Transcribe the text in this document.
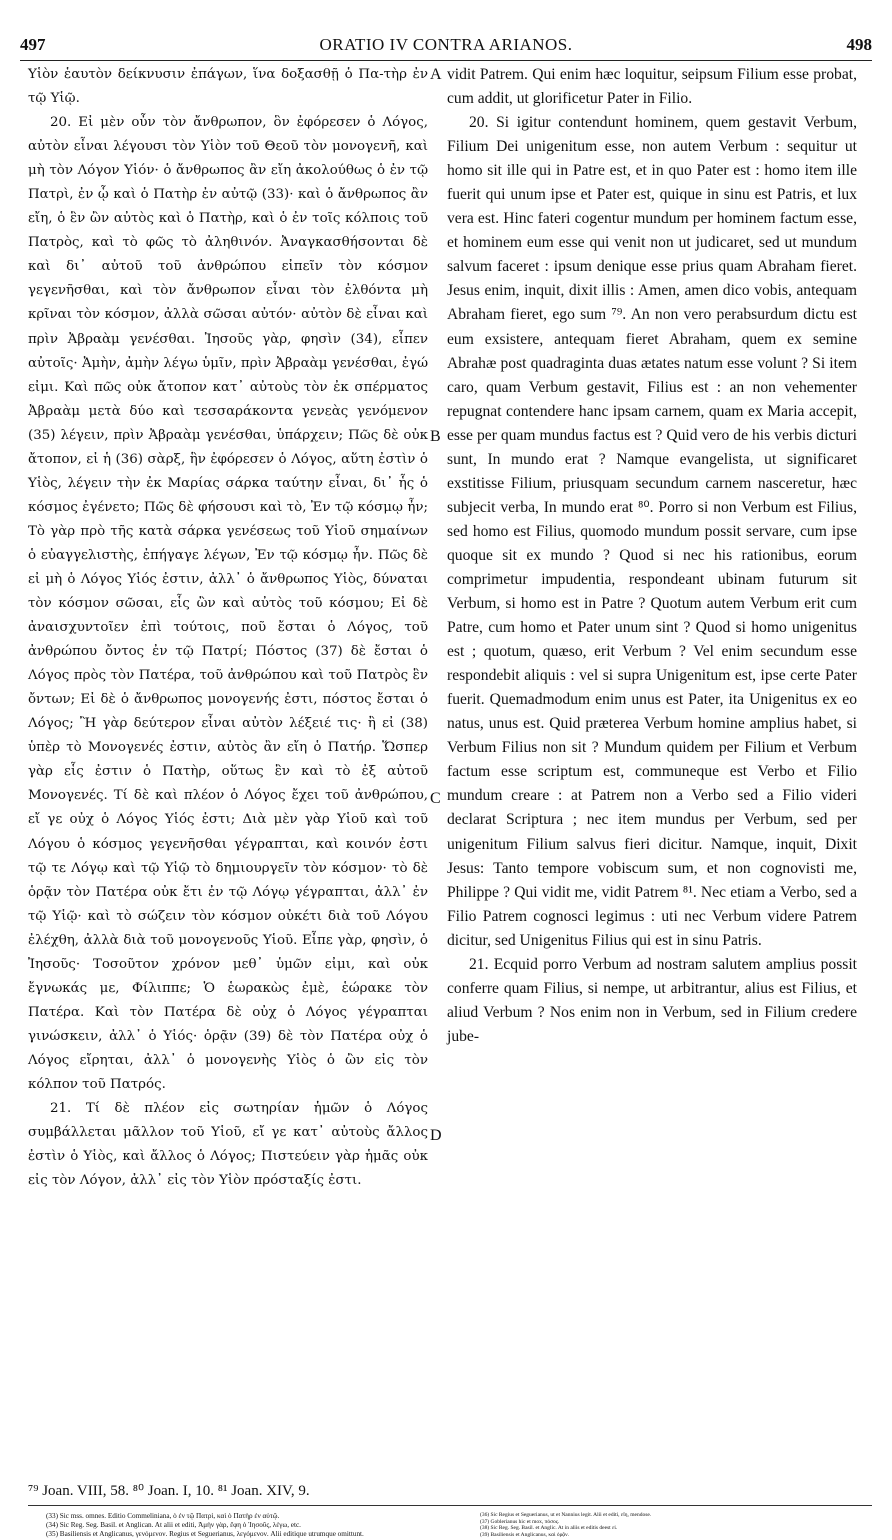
497	ORATIO IV CONTRA ARIANOS.	498

Υἱὸν ἑαυτὸν δείκνυσιν ἐπάγων, ἵνα δοξασθῇ ὁ Πα-τὴρ ἐν τῷ Υἱῷ.

20. Εἰ μὲν οὖν τὸν ἄνθρωπον, ὃν ἐφόρεσεν ὁ Λόγος, αὐτὸν εἶναι λέγουσι τὸν Υἱὸν τοῦ Θεοῦ τὸν μονογενῆ, καὶ μὴ τὸν Λόγον Υἱόν· ὁ ἄνθρωπος ἂν εἴη ἀκολούθως ὁ ἐν τῷ Πατρὶ, ἐν ᾧ καὶ ὁ Πατὴρ ἐν αὐτῷ (33)· καὶ ὁ ἄνθρωπος ἂν εἴη, ὁ ἓν ὢν αὐτὸς καὶ ὁ Πατὴρ, καὶ ὁ ἐν τοῖς κόλποις τοῦ Πατρὸς, καὶ τὸ φῶς τὸ ἀληθινόν. Ἀναγκασθήσονται δὲ καὶ δι᾿ αὐτοῦ τοῦ ἀνθρώπου εἰπεῖν τὸν κόσμον γεγενῆσθαι, καὶ τὸν ἄνθρωπον εἶναι τὸν ἐλθόντα μὴ κρῖναι τὸν κόσμον, ἀλλὰ σῶσαι αὐτόν· αὐτὸν δὲ εἶναι καὶ πρὶν Ἀβραὰμ γενέσθαι. Ἰησοῦς γὰρ, φησὶν (34), εἶπεν αὐτοῖς· Ἀμὴν, ἀμὴν λέγω ὑμῖν, πρὶν Ἀβραὰμ γενέσθαι, ἐγώ εἰμι. Καὶ πῶς οὐκ ἄτοπον κατ᾿ αὐτοὺς τὸν ἐκ σπέρματος Ἀβραὰμ μετὰ δύο καὶ τεσσαράκοντα γενεὰς γενόμενον (35) λέγειν, πρὶν Ἀβραὰμ γενέσθαι, ὑπάρχειν; Πῶς δὲ οὐκ ἄτοπον, εἰ ἡ (36) σὰρξ, ἣν ἐφόρεσεν ὁ Λόγος, αὕτη ἐστὶν ὁ Υἱὸς, λέγειν τὴν ἐκ Μαρίας σάρκα ταύτην εἶναι, δι᾿ ἧς ὁ κόσμος ἐγένετο; Πῶς δὲ φήσουσι καὶ τὸ, Ἐν τῷ κόσμῳ ἦν; Τὸ γὰρ πρὸ τῆς κατὰ σάρκα γενέσεως τοῦ Υἱοῦ σημαίνων ὁ εὐαγγελιστὴς, ἐπήγαγε λέγων, Ἐν τῷ κόσμῳ ἦν. Πῶς δὲ εἰ μὴ ὁ Λόγος Υἱός ἐστιν, ἀλλ᾿ ὁ ἄνθρωπος Υἱὸς, δύναται τὸν κόσμον σῶσαι, εἷς ὢν καὶ αὐτὸς τοῦ κόσμου; Εἰ δὲ ἀναισχυντοῖεν ἐπὶ τούτοις, ποῦ ἔσται ὁ Λόγος, τοῦ ἀνθρώπου ὄντος ἐν τῷ Πατρί; Πόστος (37) δὲ ἔσται ὁ Λόγος πρὸς τὸν Πατέρα, τοῦ ἀνθρώπου καὶ τοῦ Πατρὸς ἓν ὄντων; Εἰ δὲ ὁ ἄνθρωπος μονογενής ἐστι, πόστος ἔσται ὁ Λόγος; Ἢ γὰρ δεύτερον εἶναι αὐτὸν λέξειέ τις· ἢ εἰ (38) ὑπὲρ τὸ Μονογενές ἐστιν, αὐτὸς ἂν εἴη ὁ Πατήρ. Ὥσπερ γὰρ εἷς ἐστιν ὁ Πατὴρ, οὕτως ἓν καὶ τὸ ἐξ αὐτοῦ Μονογενές. Τί δὲ καὶ πλέον ὁ Λόγος ἔχει τοῦ ἀνθρώπου, εἴ γε οὐχ ὁ Λόγος Υἱός ἐστι; Διὰ μὲν γὰρ Υἱοῦ καὶ τοῦ Λόγου ὁ κόσμος γεγενῆσθαι γέγραπται, καὶ κοινόν ἐστι τῷ τε Λόγῳ καὶ τῷ Υἱῷ τὸ δημιουργεῖν τὸν κόσμον· τὸ δὲ ὁρᾷν τὸν Πατέρα οὐκ ἔτι ἐν τῷ Λόγῳ γέγραπται, ἀλλ᾿ ἐν τῷ Υἱῷ· καὶ τὸ σώζειν τὸν κόσμον οὐκέτι διὰ τοῦ Λόγου ἐλέχθη, ἀλλὰ διὰ τοῦ μονογενοῦς Υἱοῦ. Εἶπε γὰρ, φησὶν, ὁ Ἰησοῦς· Τοσοῦτον χρόνον μεθ᾿ ὑμῶν εἰμι, καὶ οὐκ ἔγνωκάς με, Φίλιππε; Ὁ ἑωρακὼς ἐμὲ, ἑώρακε τὸν Πατέρα. Καὶ τὸν Πατέρα δὲ οὐχ ὁ Λόγος γέγραπται γινώσκειν, ἀλλ᾿ ὁ Υἱός· ὁρᾷν (39) δὲ τὸν Πατέρα οὐχ ὁ Λόγος εἴρηται, ἀλλ᾿ ὁ μονογενὴς Υἱὸς ὁ ὢν εἰς τὸν κόλπον τοῦ Πατρός.

21. Τί δὲ πλέον εἰς σωτηρίαν ἡμῶν ὁ Λόγος συμβάλλεται μᾶλλον τοῦ Υἱοῦ, εἴ γε κατ᾿ αὐτοὺς ἄλλος ἐστὶν ὁ Υἱὸς, καὶ ἄλλος ὁ Λόγος; Πιστεύειν γὰρ ἡμᾶς οὐκ εἰς τὸν Λόγον, ἀλλ᾿ εἰς τὸν Υἱὸν πρόσταξίς ἐστι.

A
B
C
D

vidit Patrem. Qui enim hæc loquitur, seipsum Filium esse probat, cum addit, ut glorificetur Pater in Filio.

20. Si igitur contendunt hominem, quem gestavit Verbum, Filium Dei unigenitum esse, non autem Verbum : sequitur ut homo sit ille qui in Patre est, et in quo Pater est : homo item ille fuerit qui unum ipse et Pater est, quique in sinu est Patris, et lux vera est. Hinc fateri cogentur mundum per hominem factum esse, et hominem eum esse qui venit non ut judicaret, sed ut mundum salvum faceret : ipsum denique esse prius quam Abraham fieret. Jesus enim, inquit, dixit illis : Amen, amen dico vobis, antequam Abraham fieret, ego sum ⁷⁹. An non vero perabsurdum dictu est eum exsistere, antequam fieret Abraham, quem ex semine Abrahæ post quadraginta duas ætates natum esse volunt ? Si item caro, quam Verbum gestavit, Filius est : an non vehementer repugnat contendere hanc ipsam carnem, quam ex Maria accepit, esse per quam mundus factus est ? Quid vero de his verbis dicturi sunt, In mundo erat ? Namque evangelista, ut significaret exstitisse Filium, priusquam secundum carnem nasceretur, hæc subjecit verba, In mundo erat ⁸⁰. Porro si non Verbum est Filius, sed homo est Filius, quomodo mundum possit servare, cum ipse quoque sit ex mundo ? Quod si nec his rationibus, eorum comprimetur impudentia, respondeant ubinam futurum sit Verbum, si homo est in Patre ? Quotum autem Verbum erit cum Patre, cum homo et Pater unum sint ? Quod si homo unigenitus est ; quotum, quæso, erit Verbum ? Vel enim secundum esse respondebit aliquis : vel si supra Unigenitum est, ipse certe Pater fuerit. Quemadmodum enim unus est Pater, ita Unigenitus ex eo natus, unus est. Quid præterea Verbum homine amplius habet, si Verbum Filius non sit ? Mundum quidem per Filium et Verbum factum esse scriptum est, communeque est Verbo et Filio mundum creare : at Patrem non a Verbo sed a Filio videri declarat Scriptura ; nec item mundus per Verbum, sed per unigenitum Filium salvus fieri dicitur. Namque, inquit, Dixit Jesus: Tanto tempore vobiscum sum, et non cognovisti me, Philippe ? Qui vidit me, vidit Patrem ⁸¹. Nec etiam a Verbo, sed a Filio Patrem cognosci legimus : uti nec Verbum videre Patrem dicitur, sed Unigenitus Filius qui est in sinu Patris.

21. Ecquid porro Verbum ad nostram salutem amplius possit conferre quam Filius, si nempe, ut arbitrantur, alius est Filius, et aliud Verbum ? Nos enim non in Verbum, sed in Filium credere jube-

⁷⁹ Joan. VIII, 58. ⁸⁰ Joan. I, 10. ⁸¹ Joan. XIV, 9.

(33) Sic mss. omnes. Editio Commeliniana, ὁ ἐν τῷ Πατρὶ, καὶ ὁ Πατὴρ ἐν αὐτῷ.

(34) Sic Reg. Seg. Basil. et Anglican. At alii et editi, Ἀμὴν γὰρ, ἔφη ὁ Ἰησοῦς, λέγω, etc.

(35) Basiliensis et Anglicanus, γενόμενον. Regius et Seguerianus, λεγόμενον. Alii editique utrumque omittunt.

(36) Sic Regius et Seguerianus, ut et Nannius legit. Alii et editi, εἴη, mendose.

(37) Goblerianus hic et mox, πόσος.

(38) Sic Reg. Seg. Basil. et Anglic. At in aliis et editis deest εἰ.

(39) Basiliensis et Anglicanus, καὶ ὁρᾷν.
